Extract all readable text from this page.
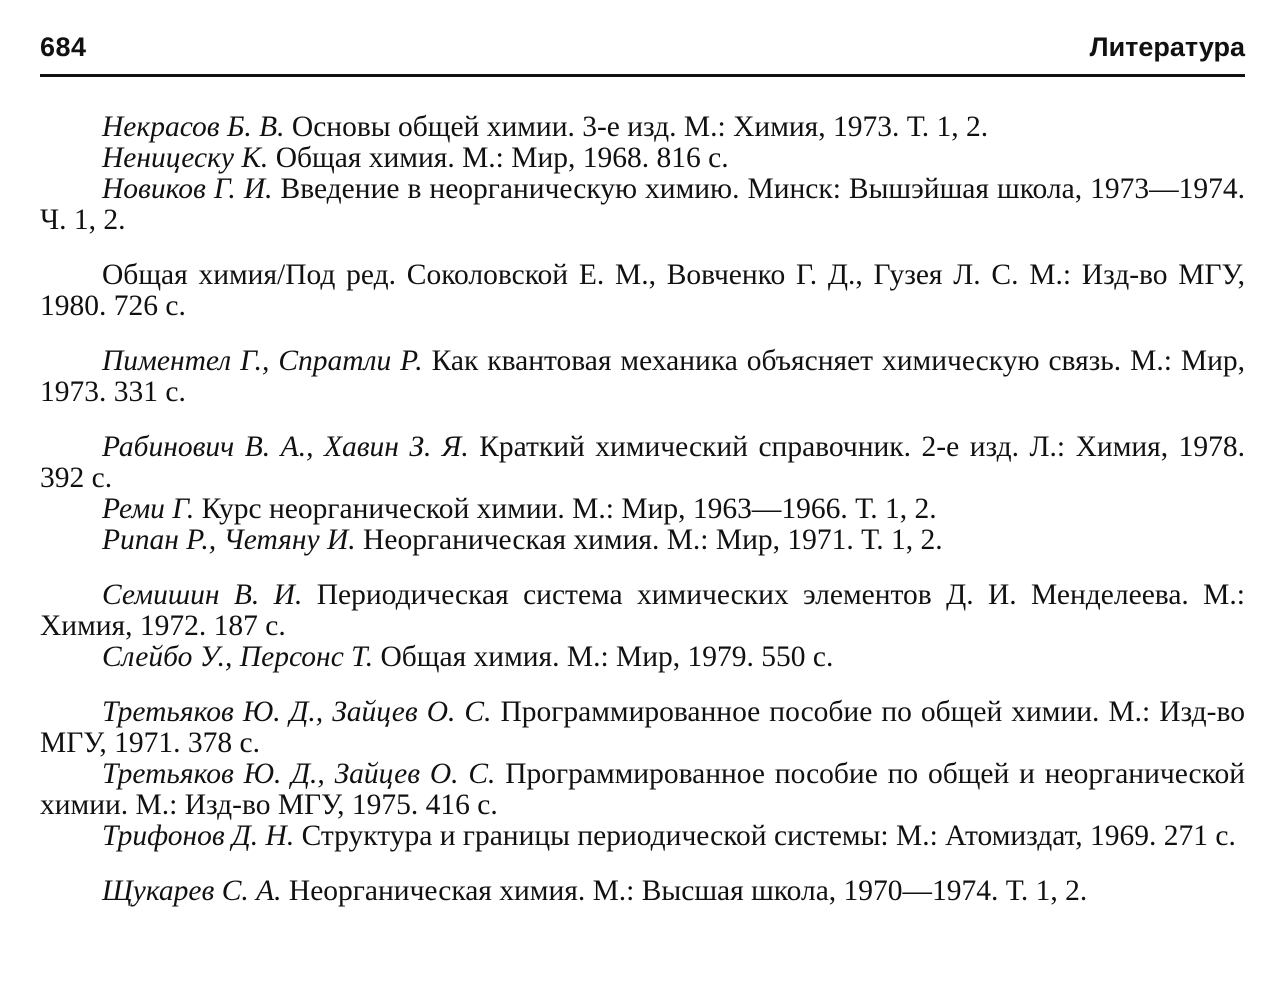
684	Литература

Некрасов Б. В. Основы общей химии. 3-е изд. М.: Химия, 1973. Т. 1, 2.

Неницеску К. Общая химия. М.: Мир, 1968. 816 с.

Новиков Г. И. Введение в неорганическую химию. Минск: Вышэйшая школа, 1973—1974. Ч. 1, 2.

Общая химия/Под ред. Соколовской Е. М., Вовченко Г. Д., Гузея Л. С. М.: Изд-во МГУ, 1980. 726 с.

Пиментел Г., Спратли Р. Как квантовая механика объясняет химическую связь. М.: Мир, 1973. 331 с.

Рабинович В. А., Хавин З. Я. Краткий химический справочник. 2-е изд. Л.: Химия, 1978. 392 с.

Реми Г. Курс неорганической химии. М.: Мир, 1963—1966. Т. 1, 2.

Рипан Р., Четяну И. Неорганическая химия. М.: Мир, 1971. Т. 1, 2.

Семишин В. И. Периодическая система химических элементов Д. И. Менделеева. М.: Химия, 1972. 187 с.

Слейбо У., Персонс Т. Общая химия. М.: Мир, 1979. 550 с.

Третьяков Ю. Д., Зайцев О. С. Программированное пособие по общей химии. М.: Изд-во МГУ, 1971. 378 с.

Третьяков Ю. Д., Зайцев О. С. Программированное пособие по общей и неорганической химии. М.: Изд-во МГУ, 1975. 416 с.

Трифонов Д. Н. Структура и границы периодической системы: М.: Атомиздат, 1969. 271 с.

Щукарев С. А. Неорганическая химия. М.: Высшая школа, 1970—1974. Т. 1, 2.
